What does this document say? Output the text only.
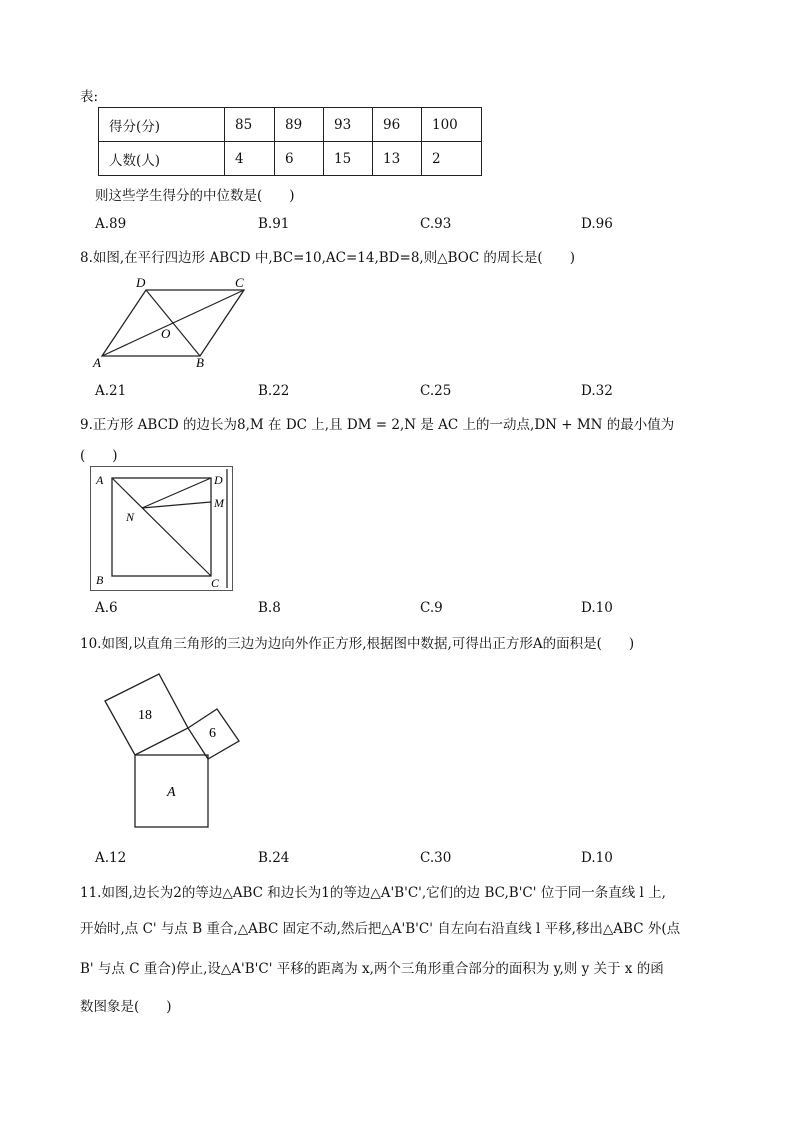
表:
得分(分)	85	89	93	96	100
人数(人)	4	6	15	13	2
则这些学生得分的中位数是(　　)
A.89	B.91	C.93	D.96
8.如图,在平行四边形 ABCD 中,BC=10,AC=14,BD=8,则△BOC 的周长是(　　)
D	C
A	B
O
A.21	B.22	C.25	D.32
9.正方形 ABCD 的边长为8,M 在 DC 上,且 DM = 2,N 是 AC 上的一动点,DN + MN 的最小值为
(　　)
A	D
M
N
B	C
A.6	B.8	C.9	D.10
10.如图,以直角三角形的三边为边向外作正方形,根据图中数据,可得出正方形A的面积是(　　)
18
6
A
A.12	B.24	C.30	D.10
11.如图,边长为2的等边△ABC 和边长为1的等边△A'B'C',它们的边 BC,B'C' 位于同一条直线 l 上,
开始时,点 C' 与点 B 重合,△ABC 固定不动,然后把△A'B'C' 自左向右沿直线 l 平移,移出△ABC 外(点
B' 与点 C 重合)停止,设△A'B'C' 平移的距离为 x,两个三角形重合部分的面积为 y,则 y 关于 x 的函
数图象是(　　)
